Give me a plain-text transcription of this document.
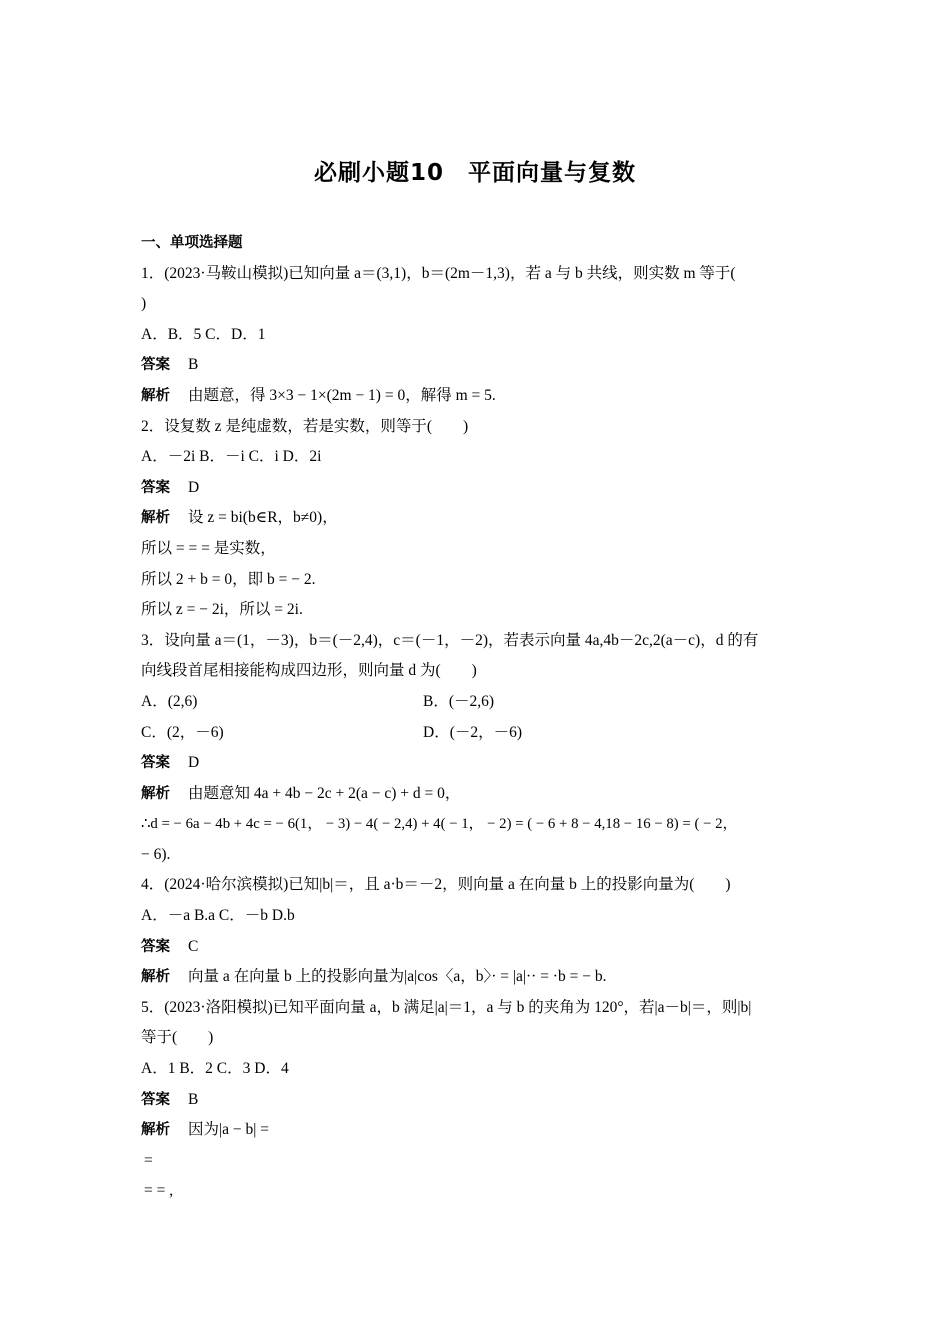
必刷小题10　平面向量与复数
一、单项选择题
1．(2023·马鞍山模拟)已知向量 a＝(3,1)，b＝(2m－1,3)，若 a 与 b 共线，则实数 m 等于(
)
A．B．5 C．D．1
答案 B
解析 由题意，得 3×3 − 1×(2m − 1) = 0，解得 m = 5.
2．设复数 z 是纯虚数，若是实数，则等于(　　)
A．－2i B．－i C．i D．2i
答案 D
解析 设 z = bi(b∈R，b≠0)，
所以 = = = 是实数，
所以 2 + b = 0，即 b = − 2.
所以 z = − 2i，所以 = 2i.
3．设向量 a＝(1，－3)，b＝(－2,4)，c＝(－1，－2)，若表示向量 4a,4b－2c,2(a－c)，d 的有
向线段首尾相接能构成四边形，则向量 d 为(　　)
A．(2,6)	B．(－2,6)
C．(2，－6)	D．(－2，－6)
答案 D
解析 由题意知 4a + 4b − 2c + 2(a − c) + d = 0，
∴d = − 6a − 4b + 4c = − 6(1， − 3) − 4( − 2,4) + 4( − 1， − 2) = ( − 6 + 8 − 4,18 − 16 − 8) = ( − 2，
− 6).
4．(2024·哈尔滨模拟)已知|b|＝，且 a·b＝－2，则向量 a 在向量 b 上的投影向量为(　　)
A．－a B.a C．－b D.b
答案 C
解析 向量 a 在向量 b 上的投影向量为|a|cos〈a，b〉· = |a|·· = ·b = − b.
5．(2023·洛阳模拟)已知平面向量 a，b 满足|a|＝1，a 与 b 的夹角为 120°，若|a－b|＝，则|b|
等于(　　)
A．1 B．2 C．3 D．4
答案 B
解析 因为|a − b| =
=
= = ,
